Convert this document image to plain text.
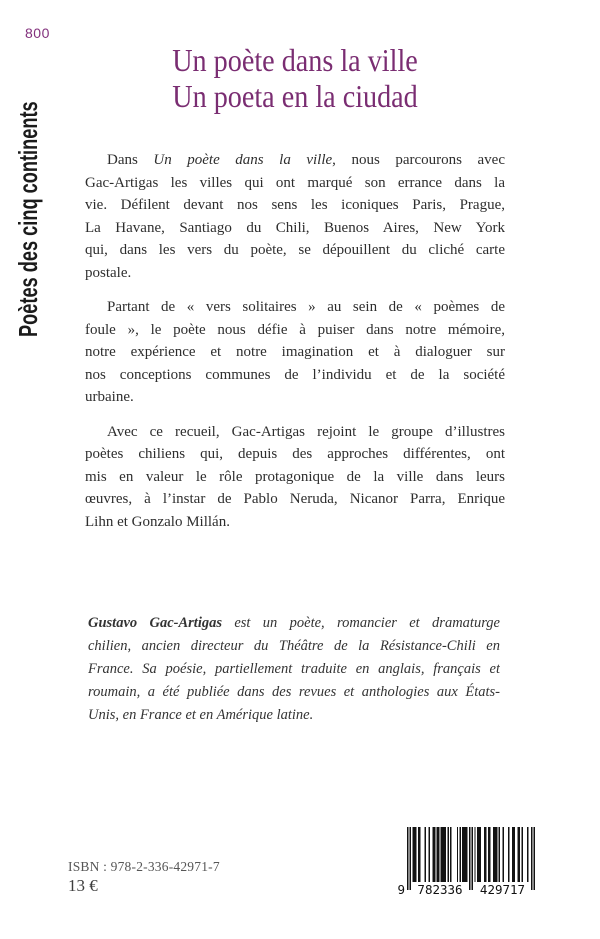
800
Poètes des cinq continents
Un poète dans la ville
Un poeta en la ciudad
Dans Un poète dans la ville, nous parcourons avec
Gac-Artigas les villes qui ont marqué son errance dans la
vie. Défilent devant nos sens les iconiques Paris, Prague,
La Havane, Santiago du Chili, Buenos Aires, New York
qui, dans les vers du poète, se dépouillent du cliché carte
postale.
Partant de « vers solitaires » au sein de « poèmes de
foule », le poète nous défie à puiser dans notre mémoire,
notre expérience et notre imagination et à dialoguer sur
nos conceptions communes de l’individu et de la société
urbaine.
Avec ce recueil, Gac-Artigas rejoint le groupe d’illustres
poètes chiliens qui, depuis des approches différentes, ont
mis en valeur le rôle protagonique de la ville dans leurs
œuvres, à l’instar de Pablo Neruda, Nicanor Parra, Enrique
Lihn et Gonzalo Millán.
Gustavo Gac-Artigas est un poète, romancier et dramaturge
chilien, ancien directeur du Théâtre de la Résistance-Chili en
France. Sa poésie, partiellement traduite en anglais, français et
roumain, a été publiée dans des revues et anthologies aux États-
Unis, en France et en Amérique latine.
ISBN : 978-2-336-42971-7
13 €	9 782336	429717
